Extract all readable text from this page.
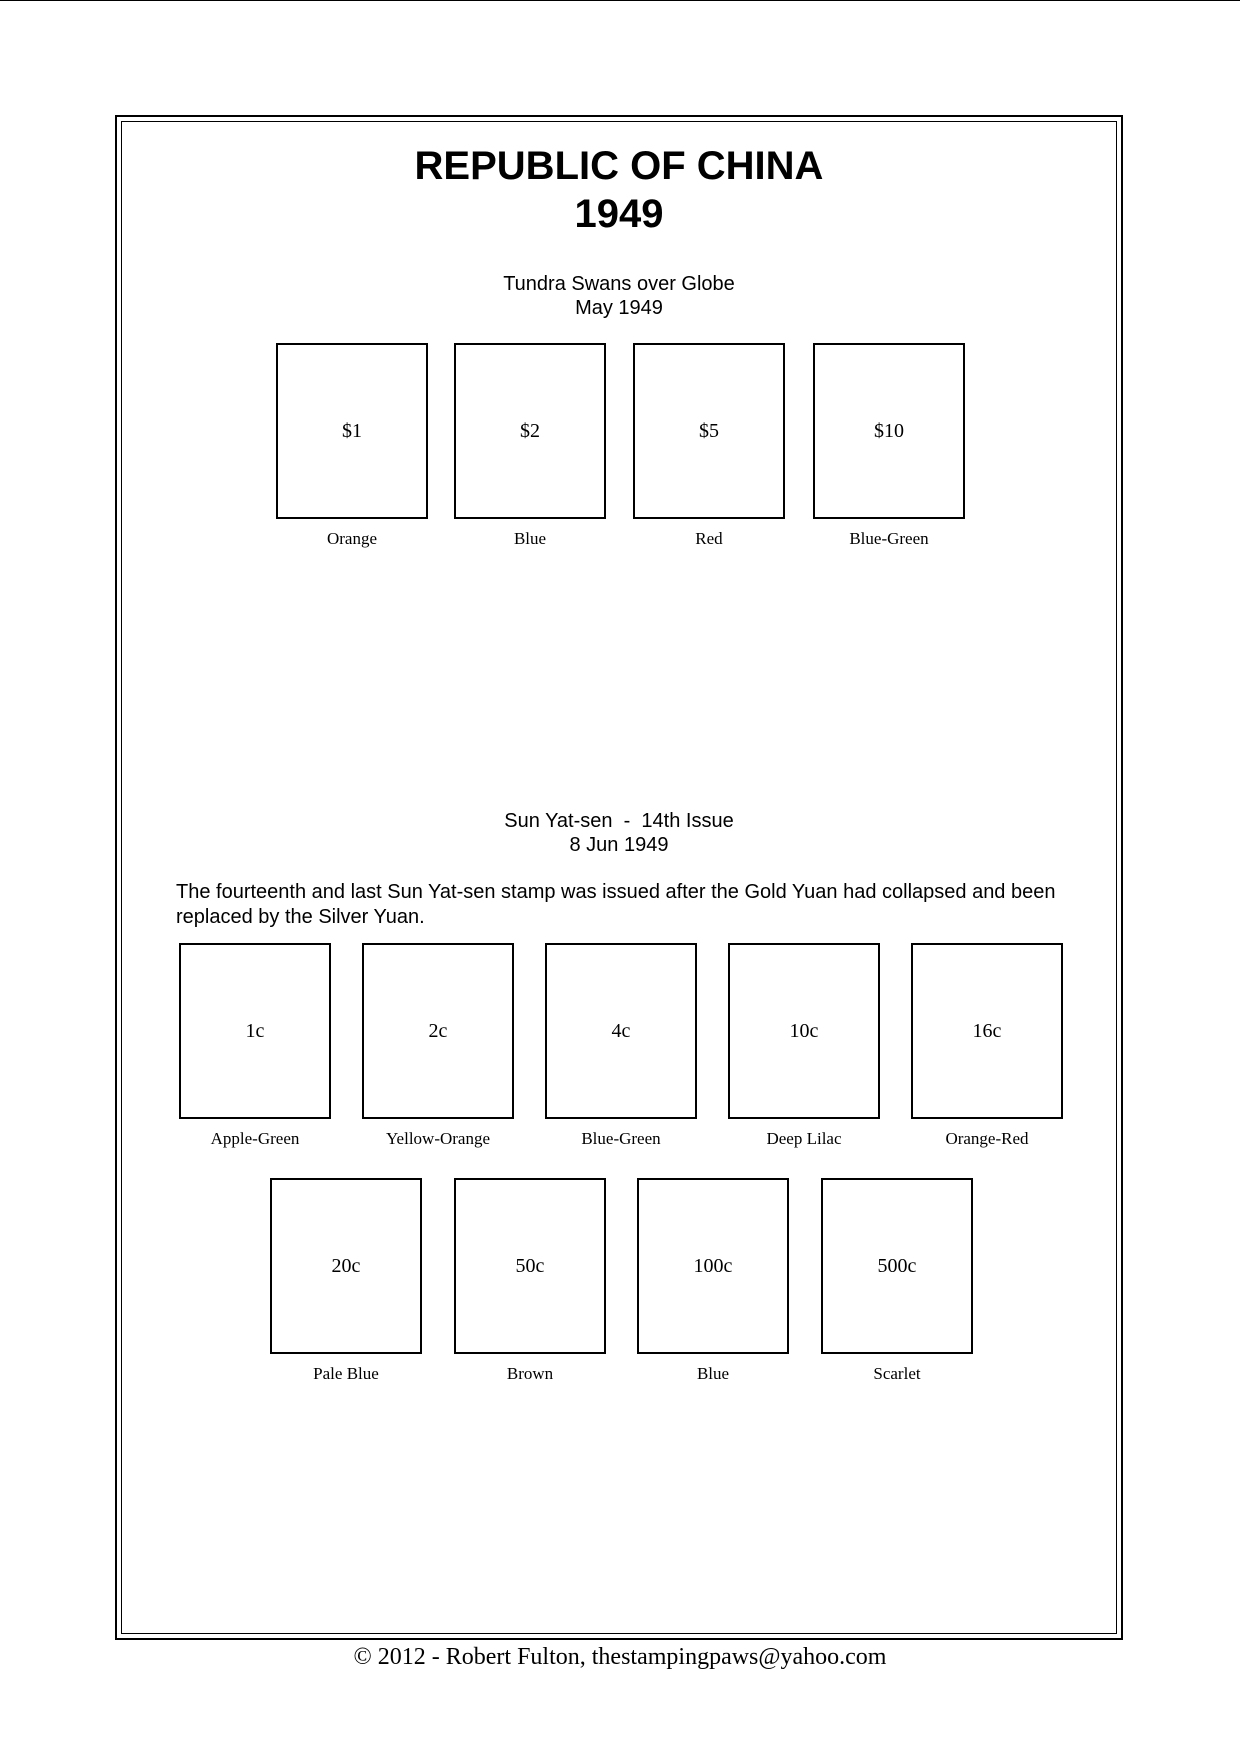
REPUBLIC OF CHINA
1949
Tundra Swans over Globe
May 1949
$1
Orange
$2
Blue
$5
Red
$10
Blue-Green
Sun Yat-sen  -  14th Issue
8 Jun 1949
The fourteenth and last Sun Yat-sen stamp was issued after the Gold Yuan had collapsed and been replaced by the Silver Yuan.
1c
Apple-Green
2c
Yellow-Orange
4c
Blue-Green
10c
Deep Lilac
16c
Orange-Red
20c
Pale Blue
50c
Brown
100c
Blue
500c
Scarlet
© 2012 - Robert Fulton, thestampingpaws@yahoo.com
